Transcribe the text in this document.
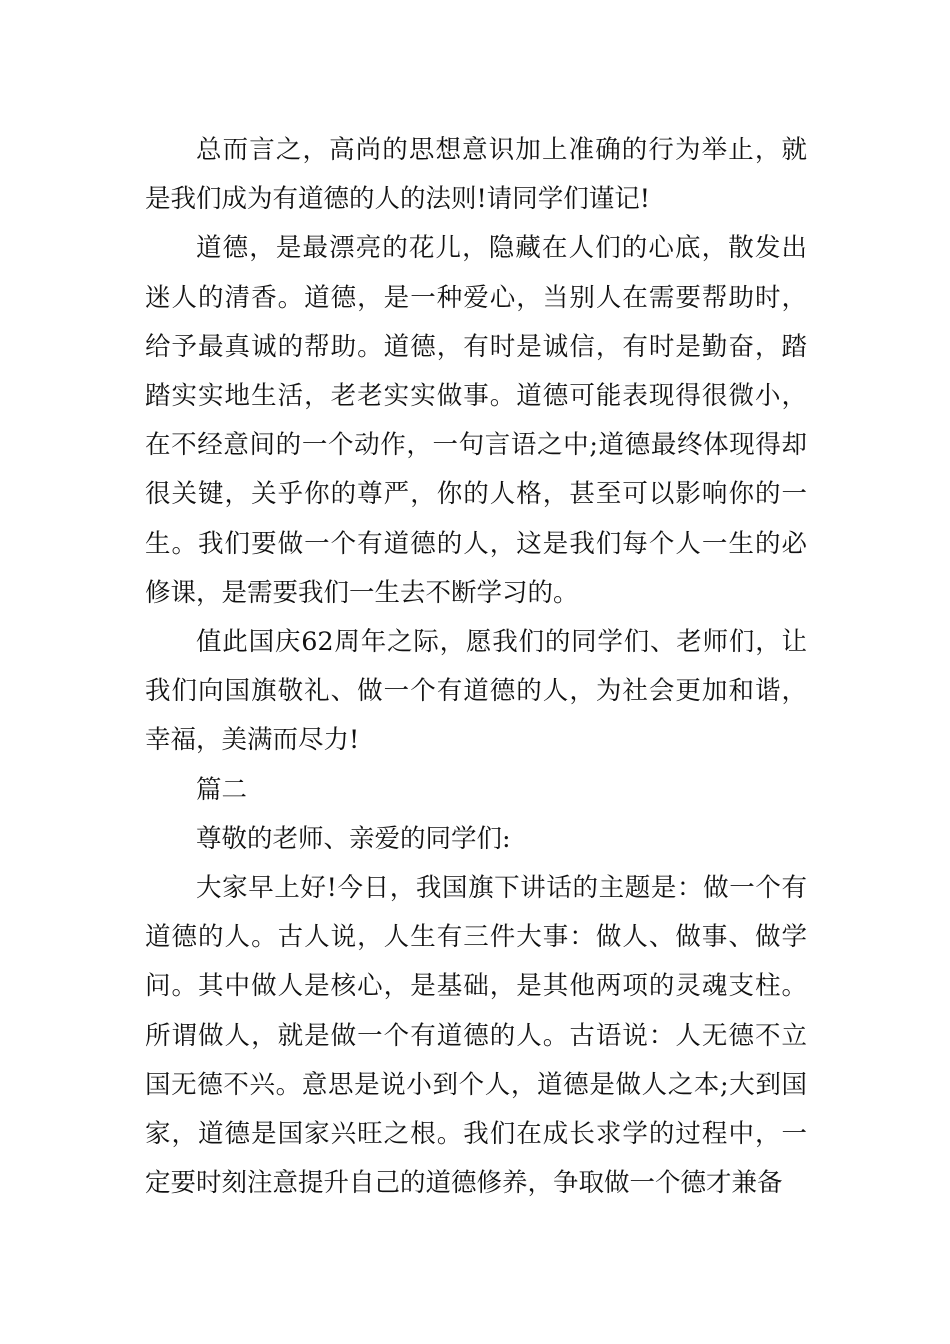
总而言之，高尚的思想意识加上准确的行为举止，就是我们成为有道德的人的法则!请同学们谨记!

道德，是最漂亮的花儿，隐藏在人们的心底，散发出迷人的清香。道德，是一种爱心，当别人在需要帮助时，给予最真诚的帮助。道德，有时是诚信，有时是勤奋，踏踏实实地生活，老老实实做事。道德可能表现得很微小，在不经意间的一个动作，一句言语之中;道德最终体现得却很关键，关乎你的尊严，你的人格，甚至可以影响你的一生。我们要做一个有道德的人，这是我们每个人一生的必修课，是需要我们一生去不断学习的。

值此国庆62周年之际，愿我们的同学们、老师们，让我们向国旗敬礼、做一个有道德的人，为社会更加和谐，幸福，美满而尽力!

篇二

尊敬的老师、亲爱的同学们:

大家早上好!今日，我国旗下讲话的主题是：做一个有道德的人。古人说，人生有三件大事：做人、做事、做学问。其中做人是核心，是基础，是其他两项的灵魂支柱。所谓做人，就是做一个有道德的人。古语说：人无德不立国无德不兴。意思是说小到个人，道德是做人之本;大到国家，道德是国家兴旺之根。我们在成长求学的过程中，一定要时刻注意提升自己的道德修养，争取做一个德才兼备
